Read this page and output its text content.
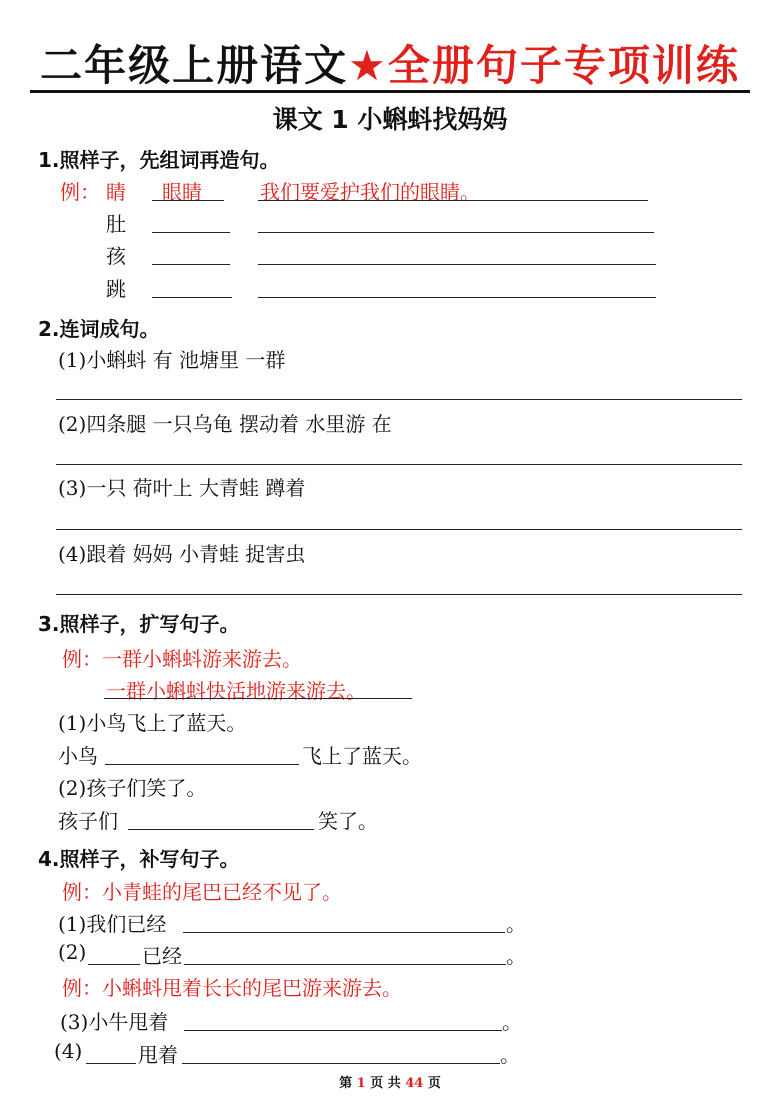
二年级上册语文★全册句子专项训练
课文 1 小蝌蚪找妈妈
1.照样子，先组词再造句。
例： 睛 眼睛	我们要爱护我们的眼睛。
肚
孩
跳
2.连词成句。
(1)小蝌蚪 有 池塘里 一群
(2)四条腿 一只乌龟 摆动着 水里游 在
(3)一只 荷叶上 大青蛙 蹲着
(4)跟着 妈妈 小青蛙 捉害虫
3.照样子，扩写句子。
例：一群小蝌蚪游来游去。
一群小蝌蚪快活地游来游去。
(1)小鸟飞上了蓝天。
小鸟	飞上了蓝天。
(2)孩子们笑了。
孩子们	笑了。
4.照样子，补写句子。
例：小青蛙的尾巴已经不见了。
(1)我们已经	。
(2)	已经	。
例：小蝌蚪甩着长长的尾巴游来游去。
(3)小牛甩着	。
(4)	甩着	。
第 1 页 共 44 页
